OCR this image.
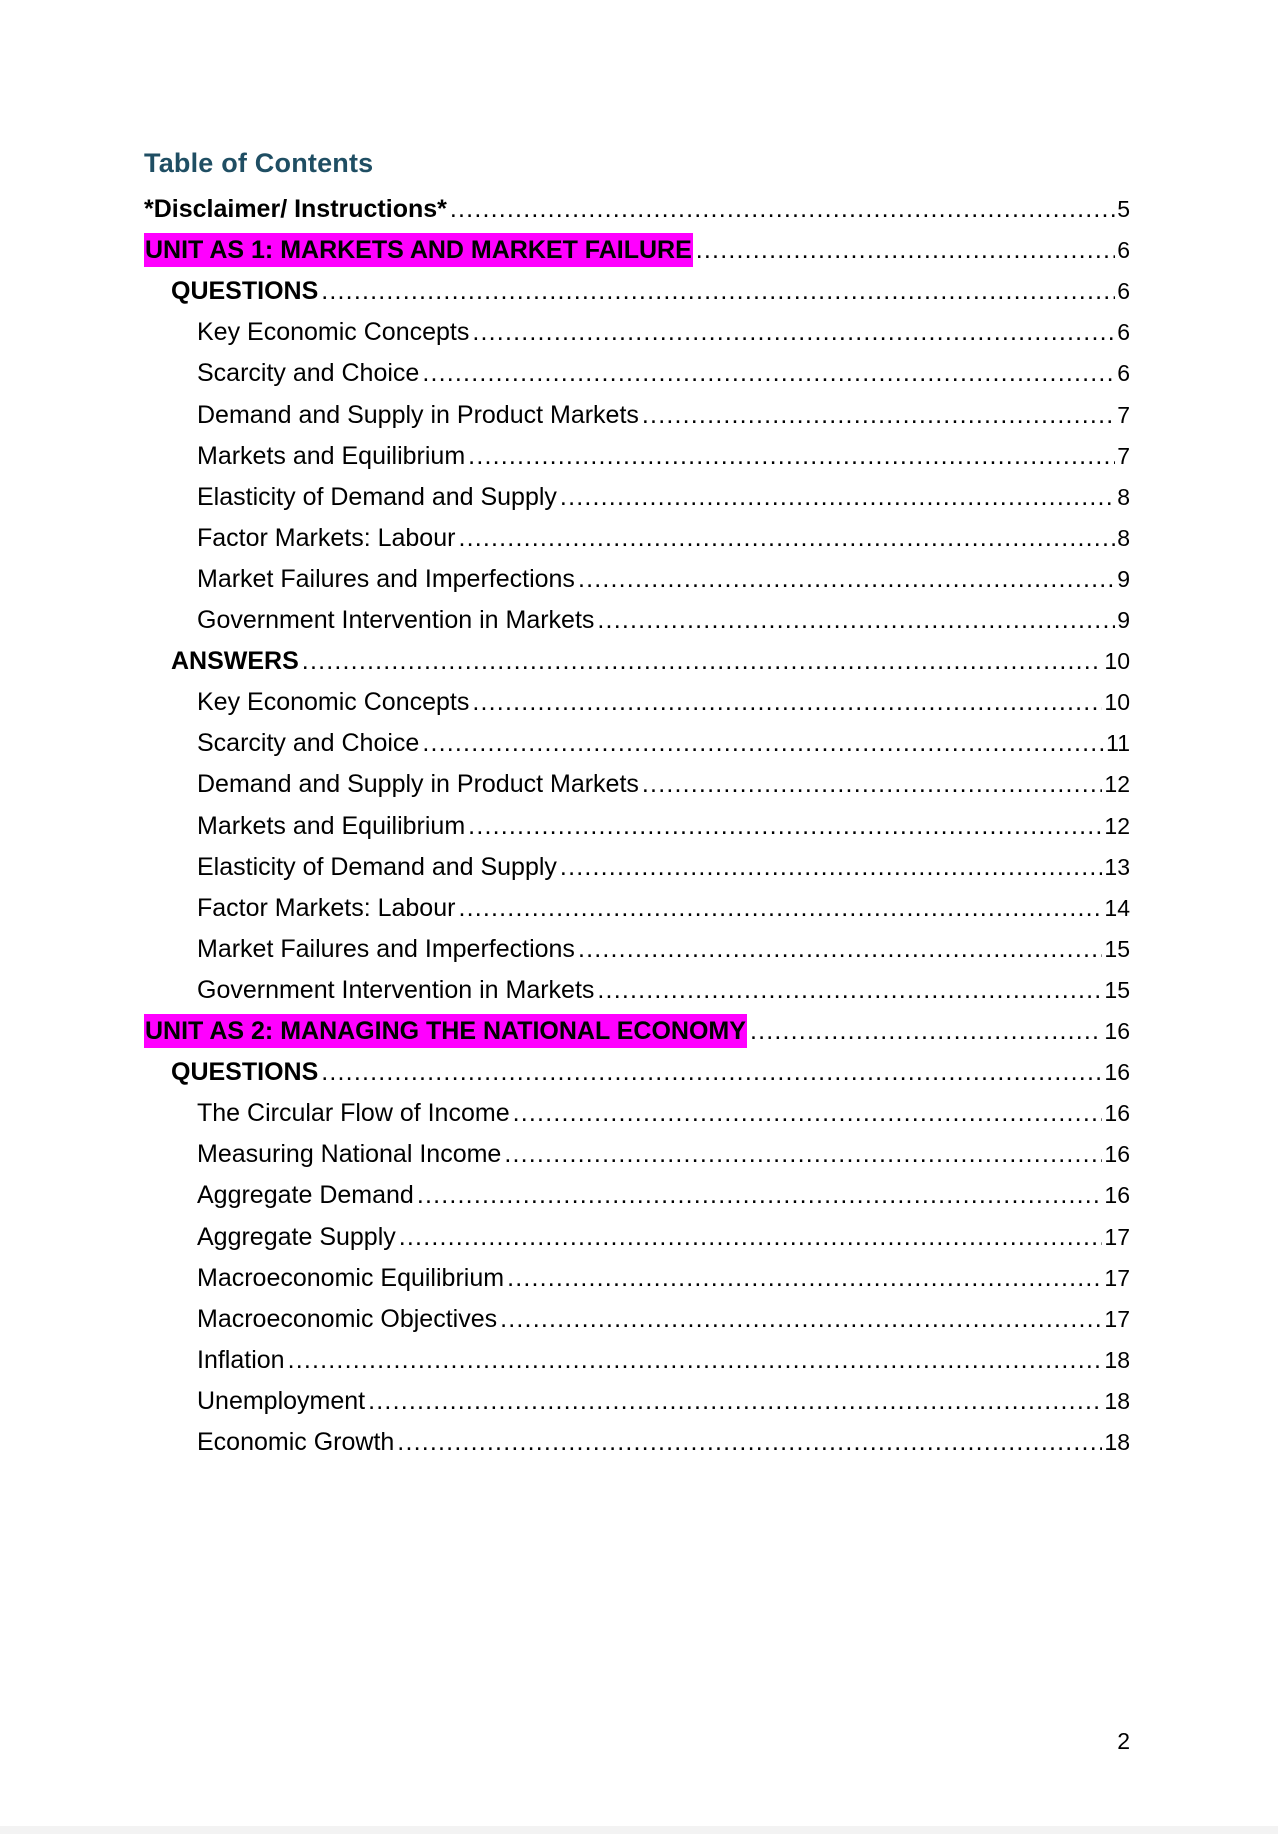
Table of Contents
*Disclaimer/ Instructions* .....	5
UNIT AS 1: MARKETS AND MARKET FAILURE .....	6
QUESTIONS .....	6
Key Economic Concepts .....	6
Scarcity and Choice .....	6
Demand and Supply in Product Markets .....	7
Markets and Equilibrium .....	7
Elasticity of Demand and Supply .....	8
Factor Markets: Labour .....	8
Market Failures and Imperfections .....	9
Government Intervention in Markets .....	9
ANSWERS .....	10
Key Economic Concepts .....	10
Scarcity and Choice .....	11
Demand and Supply in Product Markets .....	12
Markets and Equilibrium .....	12
Elasticity of Demand and Supply .....	13
Factor Markets: Labour .....	14
Market Failures and Imperfections .....	15
Government Intervention in Markets .....	15
UNIT AS 2: MANAGING THE NATIONAL ECONOMY .....	16
QUESTIONS .....	16
The Circular Flow of Income .....	16
Measuring National Income .....	16
Aggregate Demand .....	16
Aggregate Supply .....	17
Macroeconomic Equilibrium .....	17
Macroeconomic Objectives .....	17
Inflation .....	18
Unemployment .....	18
Economic Growth .....	18
2
